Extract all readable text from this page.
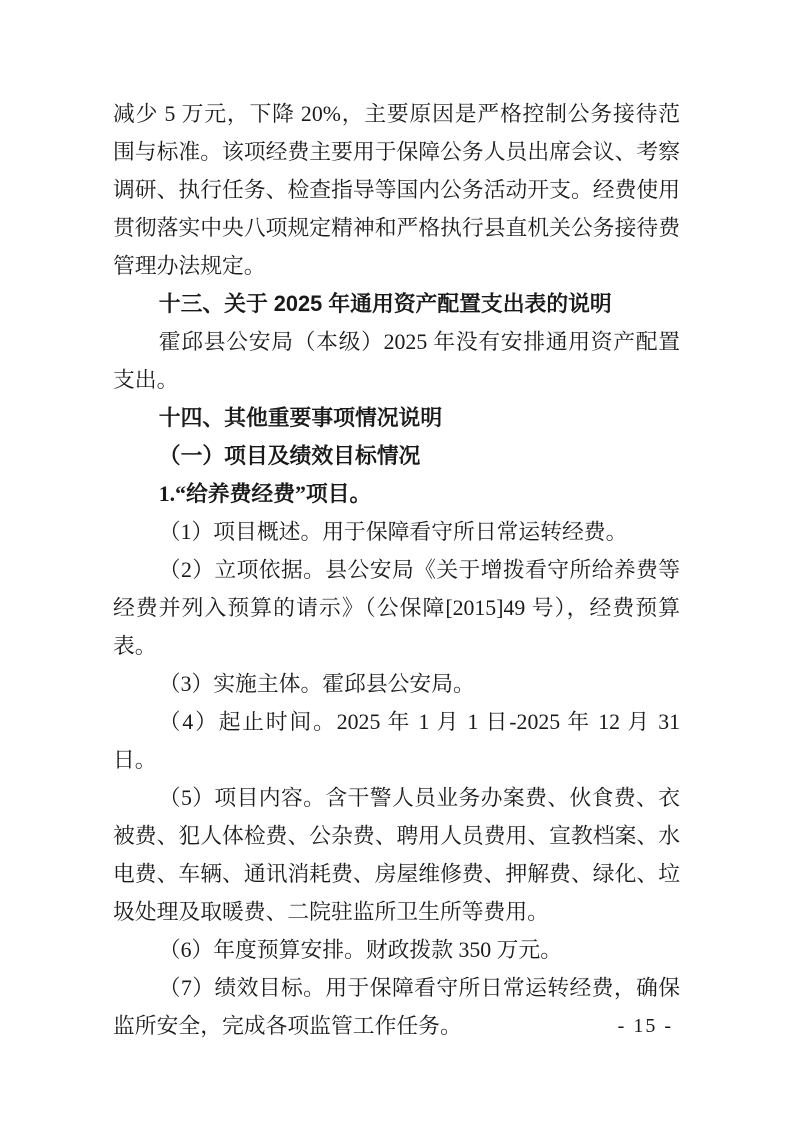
减少 5 万元，下降 20%，主要原因是严格控制公务接待范围与标准。该项经费主要用于保障公务人员出席会议、考察调研、执行任务、检查指导等国内公务活动开支。经费使用贯彻落实中央八项规定精神和严格执行县直机关公务接待费管理办法规定。

十三、关于 2025 年通用资产配置支出表的说明

霍邱县公安局（本级）2025 年没有安排通用资产配置支出。

十四、其他重要事项情况说明

（一）项目及绩效目标情况

1.“给养费经费”项目。

（1）项目概述。用于保障看守所日常运转经费。

（2）立项依据。县公安局《关于增拨看守所给养费等经费并列入预算的请示》（公保障[2015]49 号），经费预算表。

（3）实施主体。霍邱县公安局。

（4）起止时间。2025 年 1 月 1 日-2025 年 12 月 31 日。

（5）项目内容。含干警人员业务办案费、伙食费、衣被费、犯人体检费、公杂费、聘用人员费用、宣教档案、水电费、车辆、通讯消耗费、房屋维修费、押解费、绿化、垃圾处理及取暖费、二院驻监所卫生所等费用。

（6）年度预算安排。财政拨款 350 万元。

（7）绩效目标。用于保障看守所日常运转经费，确保监所安全，完成各项监管工作任务。	- 15 -
